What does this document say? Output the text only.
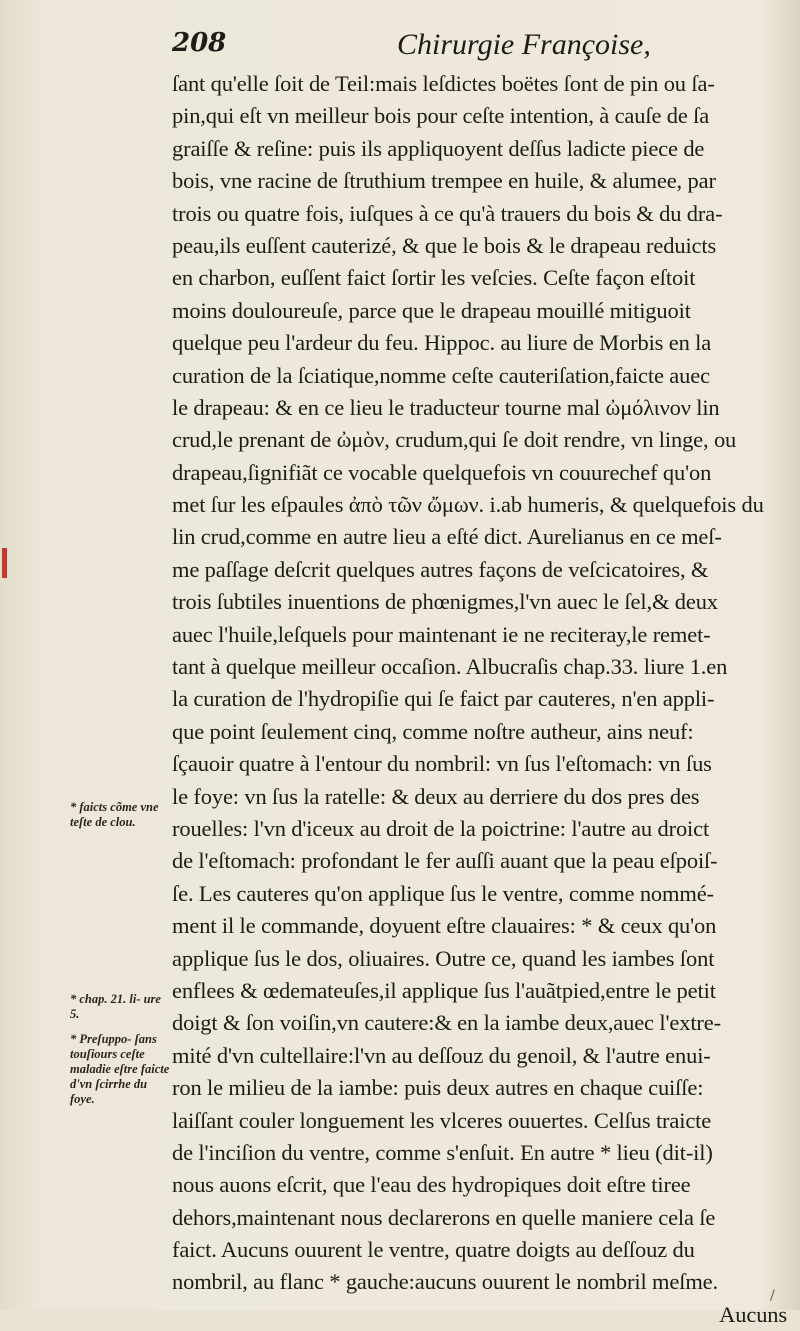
208	Chirurgie Françoise,
ſant qu'elle ſoit de Teil:mais leſdictes boëtes ſont de pin ou ſa-
pin,qui eſt vn meilleur bois pour ceſte intention, à cauſe de ſa
graiſſe & reſine: puis ils appliquoyent deſſus ladicte piece de
bois, vne racine de ſtruthium trempee en huile, & alumee, par
trois ou quatre fois, iuſques à ce qu'à trauers du bois & du dra-
peau,ils euſſent cauterizé, & que le bois & le drapeau reduicts
en charbon, euſſent faict ſortir les veſcies. Ceſte façon eſtoit
moins douloureuſe, parce que le drapeau mouillé mitiguoit
quelque peu l'ardeur du feu. Hippoc. au liure de Morbis en la
curation de la ſciatique,nomme ceſte cauteriſation,faicte auec
le drapeau: & en ce lieu le traducteur tourne mal ὠμόλινον lin
crud,le prenant de ὠμὸν, crudum,qui ſe doit rendre, vn linge, ou
drapeau,ſignifiãt ce vocable quelquefois vn couurechef qu'on
met ſur les eſpaules ἀπὸ τῶν ὤμων. i.ab humeris, & quelquefois du
lin crud,comme en autre lieu a eſté dict. Aurelianus en ce meſ-
me paſſage deſcrit quelques autres façons de veſcicatoires, &
trois ſubtiles inuentions de phœnigmes,l'vn auec le ſel,& deux
auec l'huile,leſquels pour maintenant ie ne reciteray,le remet-
tant à quelque meilleur occaſion. Albucraſis chap.33. liure 1.en
la curation de l'hydropiſie qui ſe faict par cauteres, n'en appli-
que point ſeulement cinq, comme noſtre autheur, ains neuf:
ſçauoir quatre à l'entour du nombril: vn ſus l'eſtomach: vn ſus
le foye: vn ſus la ratelle: & deux au derriere du dos pres des
rouelles: l'vn d'iceux au droit de la poictrine: l'autre au droict
de l'eſtomach: profondant le fer auſſi auant que la peau eſpoiſ-
ſe. Les cauteres qu'on applique ſus le ventre, comme nommé-
ment il le commande, doyuent eſtre clauaires: * & ceux qu'on
applique ſus le dos, oliuaires. Outre ce, quand les iambes ſont
enflees & œdemateuſes,il applique ſus l'auãtpied,entre le petit
doigt & ſon voiſin,vn cautere:& en la iambe deux,auec l'extre-
mité d'vn cultellaire:l'vn au deſſouz du genoil, & l'autre enui-
ron le milieu de la iambe: puis deux autres en chaque cuiſſe:
laiſſant couler longuement les vlceres ouuertes. Celſus traicte
de l'inciſion du ventre, comme s'enſuit. En autre * lieu (dit-il)
nous auons eſcrit, que l'eau des hydropiques doit eſtre tiree
dehors,maintenant nous declarerons en quelle maniere cela ſe
faict. Aucuns ouurent le ventre, quatre doigts au deſſouz du
nombril, au flanc * gauche:aucuns ouurent le nombril meſme.
Aucuns
* faicts cõme vne teſte de clou.
* chap. 21. li- ure 5.
* Preſuppo- ſans touſiours ceſte maladie eſtre faicte d'vn ſcirrhe du foye.
/
